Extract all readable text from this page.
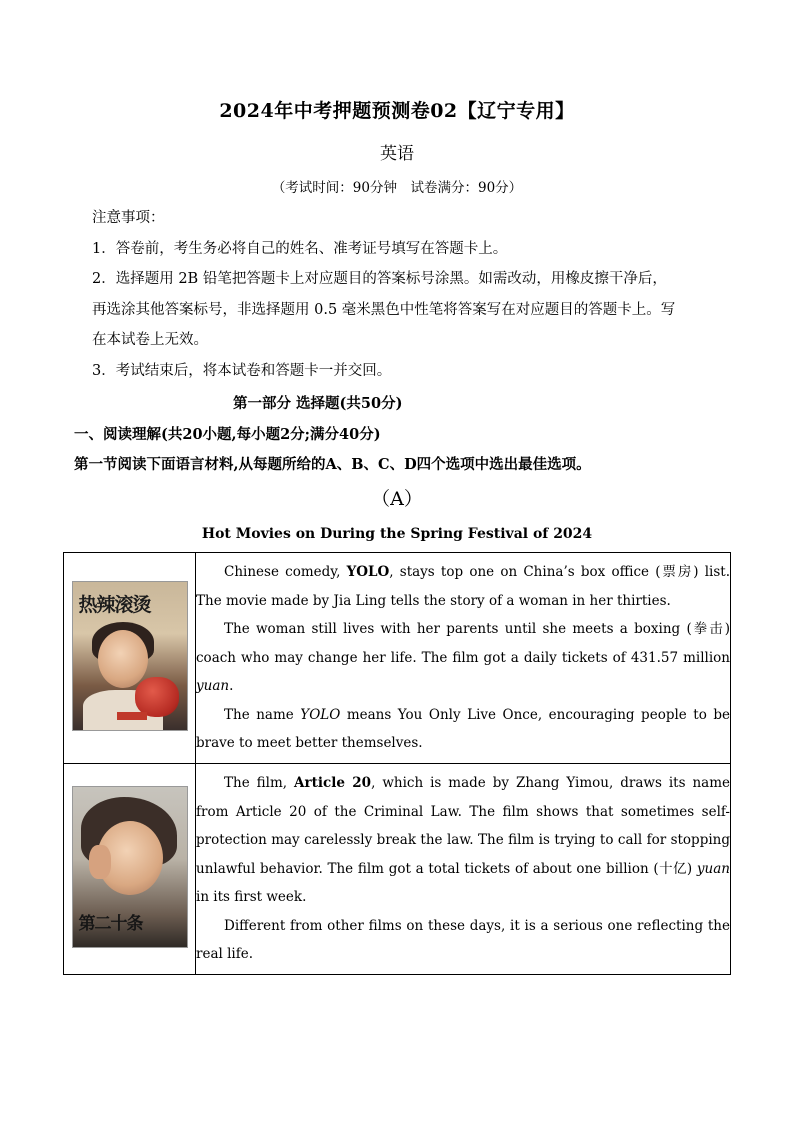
2024年中考押题预测卷02【辽宁专用】
英语
（考试时间：90分钟　试卷满分：90分）

注意事项：

1．答卷前，考生务必将自己的姓名、准考证号填写在答题卡上。

2．选择题用 2B 铅笔把答题卡上对应题目的答案标号涂黑。如需改动，用橡皮擦干净后，

再选涂其他答案标号，非选择题用 0.5 毫米黑色中性笔将答案写在对应题目的答题卡上。写

在本试卷上无效。

3．考试结束后，将本试卷和答题卡一并交回。

第一部分 选择题(共50分)
一、阅读理解(共20小题,每小题2分;满分40分)
第一节阅读下面语言材料,从每题所给的A、B、C、D四个选项中选出最佳选项。
（A）
Hot Movies on During the Spring Festival of 2024
热辣滚烫	Chinese comedy, YOLO, stays top one on China’s box office (票房) list. The movie made by Jia Ling tells the story of a woman in her thirties.

The woman still lives with her parents until she meets a boxing (拳击) coach who may change her life. The film got a daily tickets of 431.57 million yuan.

The name YOLO means You Only Live Once, encouraging people to be brave to meet better themselves.

第二十条	The film, Article 20, which is made by Zhang Yimou, draws its name from Article 20 of the Criminal Law. The film shows that sometimes self-protection may carelessly break the law. The film is trying to call for stopping unlawful behavior. The film got a total tickets of about one billion (十亿) yuan in its first week.

Different from other films on these days, it is a serious one reflecting the real life.
